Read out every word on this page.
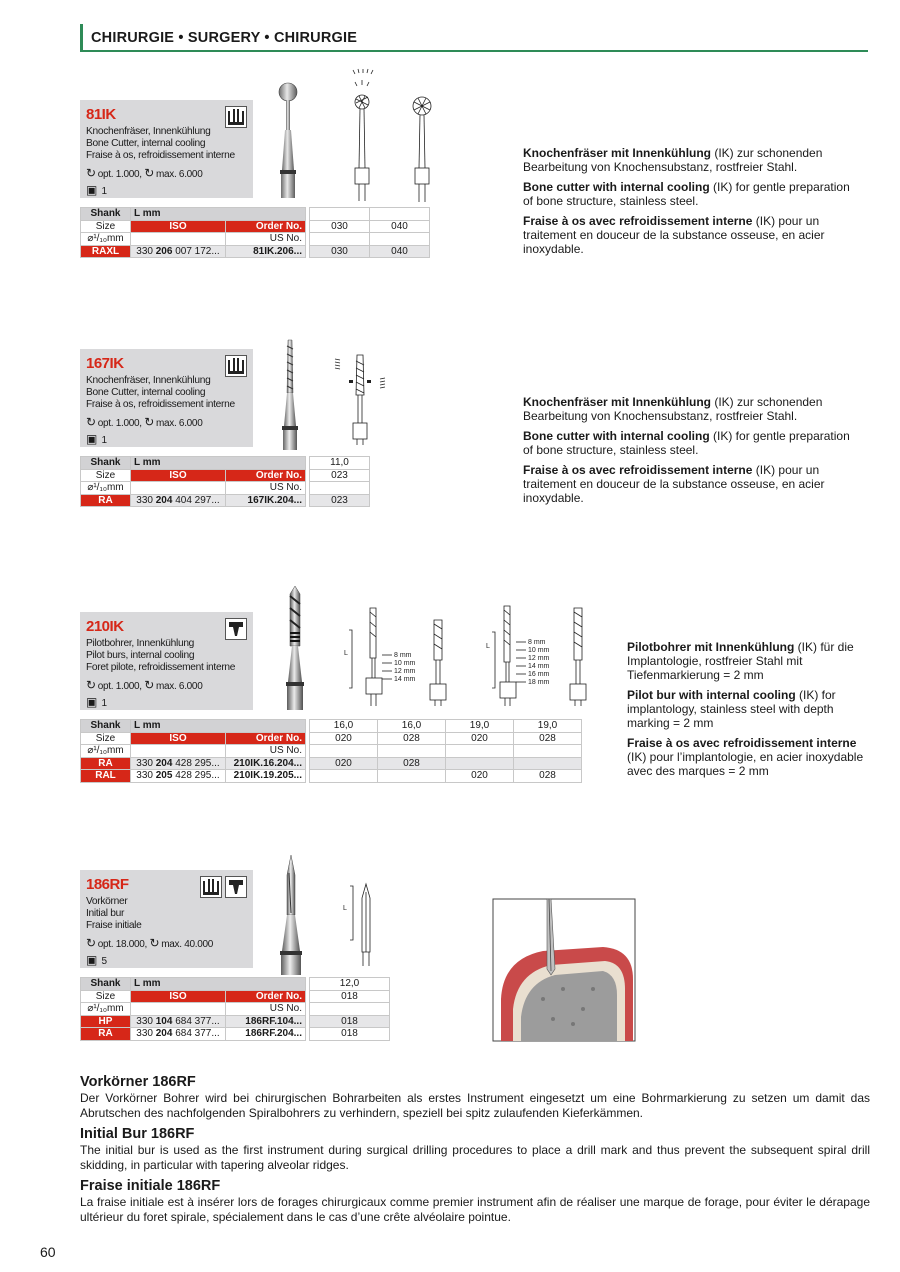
CHIRURGIE • SURGERY • CHIRURGIE
81IK
Knochenfräser, Innenkühlung
Bone Cutter, internal cooling
Fraise à os, refroidissement interne
↻ opt. 1.000, ↻ max. 6.000
▣ 1
Shank	L mm				
Size	ISO	Order No.		030	040
⌀¹/₁₀mm		US No.			
RAXL	330 206 007 172...	81IK.206...		030	040

Knochenfräser mit Innenkühlung (IK) zur schonenden Bearbeitung von Knochensubstanz, rostfreier Stahl.

Bone cutter with internal cooling (IK) for gentle preparation of bone structure, stainless steel.

Fraise à os avec refroidissement interne (IK) pour un traitement en douceur de la substance osseuse, en acier inoxydable.

167IK
Knochenfräser, Innenkühlung
Bone Cutter, internal cooling
Fraise à os, refroidissement interne
↻ opt. 1.000, ↻ max. 6.000
▣ 1
Shank	L mm			11,0
Size	ISO	Order No.		023
⌀¹/₁₀mm		US No.		
RA	330 204 404 297...	167IK.204...		023

Knochenfräser mit Innenkühlung (IK) zur schonenden Bearbeitung von Knochensubstanz, rostfreier Stahl.

Bone cutter with internal cooling (IK) for gentle preparation of bone structure, stainless steel.

Fraise à os avec refroidissement interne (IK) pour un traitement en douceur de la substance osseuse, en acier inoxydable.

210IK
Pilotbohrer, Innenkühlung
Pilot burs, internal cooling
Foret pilote, refroidissement interne
↻ opt. 1.000, ↻ max. 6.000
▣ 1
Shank	L mm			16,0	16,0	19,0	19,0
Size	ISO	Order No.		020	028	020	028
⌀¹/₁₀mm		US No.					
RA	330 204 428 295...	210IK.16.204...		020	028		
RAL	330 205 428 295...	210IK.19.205...				020	028
L
L
8 mm
10 mm
12 mm
14 mm
8 mm
10 mm
12 mm
14 mm
16 mm
18 mm

Pilotbohrer mit Innenkühlung (IK) für die Implantologie, rostfreier Stahl mit Tiefenmarkierung = 2 mm

Pilot bur with internal cooling (IK) for implantology, stainless steel with depth marking = 2 mm

Fraise à os avec refroidissement interne (IK) pour l’implantologie, en acier inoxydable avec des marques = 2 mm

186RF
Vorkörner
Initial bur
Fraise initiale
↻ opt. 18.000, ↻ max. 40.000
▣ 5
Shank	L mm			12,0
Size	ISO	Order No.		018
⌀¹/₁₀mm		US No.		
HP	330 104 684 377...	186RF.104...		018
RA	330 204 684 377...	186RF.204...		018
L
Vorkörner 186RF

Der Vorkörner Bohrer wird bei chirurgischen Bohrarbeiten als erstes Instrument eingesetzt um eine Bohrmarkierung zu setzen um damit das Abrutschen des nachfolgenden Spiralbohrers zu verhindern, speziell bei spitz zulaufenden Kieferkämmen.

Initial Bur 186RF

The initial bur is used as the first instrument during surgical drilling procedures to place a drill mark and thus prevent the subsequent spiral drill skidding, in particular with tapering alveolar ridges.

Fraise initiale 186RF

La fraise initiale est à insérer lors de forages chirurgicaux comme premier instrument afin de réaliser une marque de forage, pour éviter le dérapage ultérieur du foret spirale, spécialement dans le cas d’une crête alvéolaire pointue.

60
